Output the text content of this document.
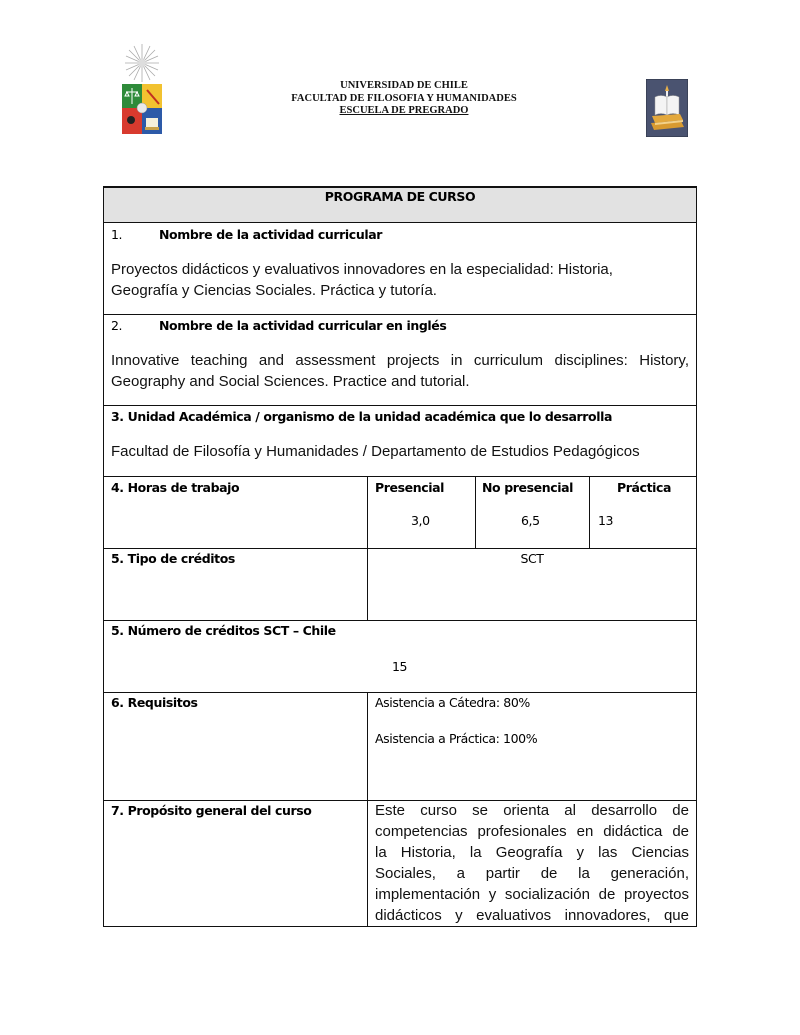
UNIVERSIDAD DE CHILE
FACULTAD DE FILOSOFIA Y HUMANIDADES
ESCUELA DE PREGRADO
PROGRAMA DE CURSO
1.	Nombre de la actividad curricular
Proyectos didácticos y evaluativos innovadores en la especialidad: Historia,
Geografía y Ciencias Sociales. Práctica y tutoría.
2.	Nombre de la actividad curricular en inglés
Innovative teaching and assessment projects in curriculum disciplines: History,
Geography and Social Sciences. Practice and tutorial.
3. Unidad Académica / organismo de la unidad académica que lo desarrolla
Facultad de Filosofía y Humanidades / Departamento de Estudios Pedagógicos
4. Horas de trabajo	Presencial	No presencial	Práctica
3,0	6,5	13
5. Tipo de créditos	SCT
5. Número de créditos SCT – Chile
15
6. Requisitos	Asistencia a Cátedra: 80%
Asistencia a Práctica: 100%
7. Propósito general del curso	Este curso se orienta al desarrollo de
competencias profesionales en didáctica de
la Historia, la Geografía y las Ciencias
Sociales, a partir de la generación,
implementación y socialización de proyectos
didácticos y evaluativos innovadores, que
